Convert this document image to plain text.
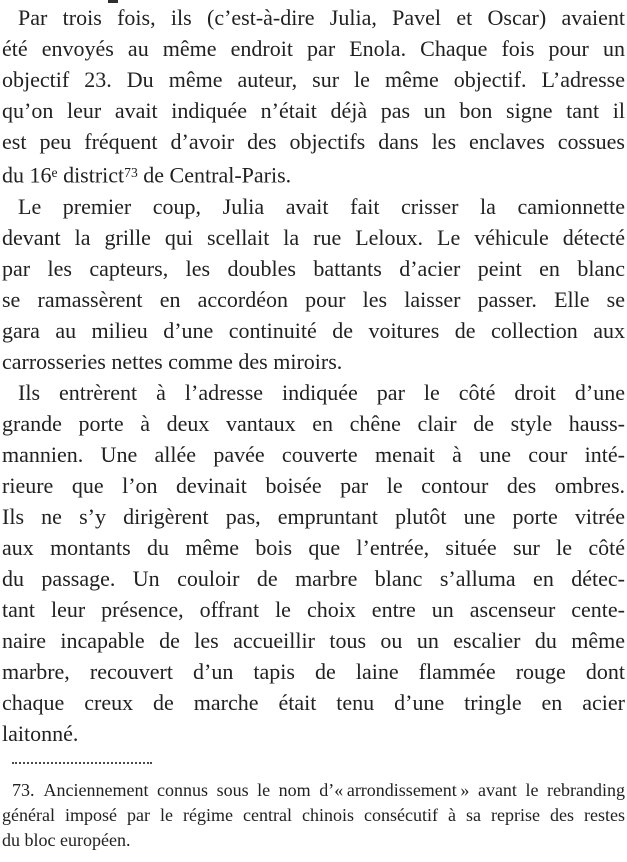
Par trois fois, ils (c’est-à-dire Julia, Pavel et Oscar) avaient
été envoyés au même endroit par Enola. Chaque fois pour un
objectif 23. Du même auteur, sur le même objectif. L’adresse
qu’on leur avait indiquée n’était déjà pas un bon signe tant il
est peu fréquent d’avoir des objectifs dans les enclaves cossues
du 16e district$^{73}$ de Central-Paris.
Le premier coup, Julia avait fait crisser la camionnette
devant la grille qui scellait la rue Leloux. Le véhicule détecté
par les capteurs, les doubles battants d’acier peint en blanc
se ramassèrent en accordéon pour les laisser passer. Elle se
gara au milieu d’une continuité de voitures de collection aux
carrosseries nettes comme des miroirs.
Ils entrèrent à l’adresse indiquée par le côté droit d’une
grande porte à deux vantaux en chêne clair de style hauss-
mannien. Une allée pavée couverte menait à une cour inté-
rieure que l’on devinait boisée par le contour des ombres.
Ils ne s’y dirigèrent pas, empruntant plutôt une porte vitrée
aux montants du même bois que l’entrée, située sur le côté
du passage. Un couloir de marbre blanc s’alluma en détec-
tant leur présence, offrant le choix entre un ascenseur cente-
naire incapable de les accueillir tous ou un escalier du même
marbre, recouvert d’un tapis de laine flammée rouge dont
chaque creux de marche était tenu d’une tringle en acier
laitonné.
73. Anciennement connus sous le nom d’« arrondissement » avant le rebranding
général imposé par le régime central chinois consécutif à sa reprise des restes
du bloc européen.
